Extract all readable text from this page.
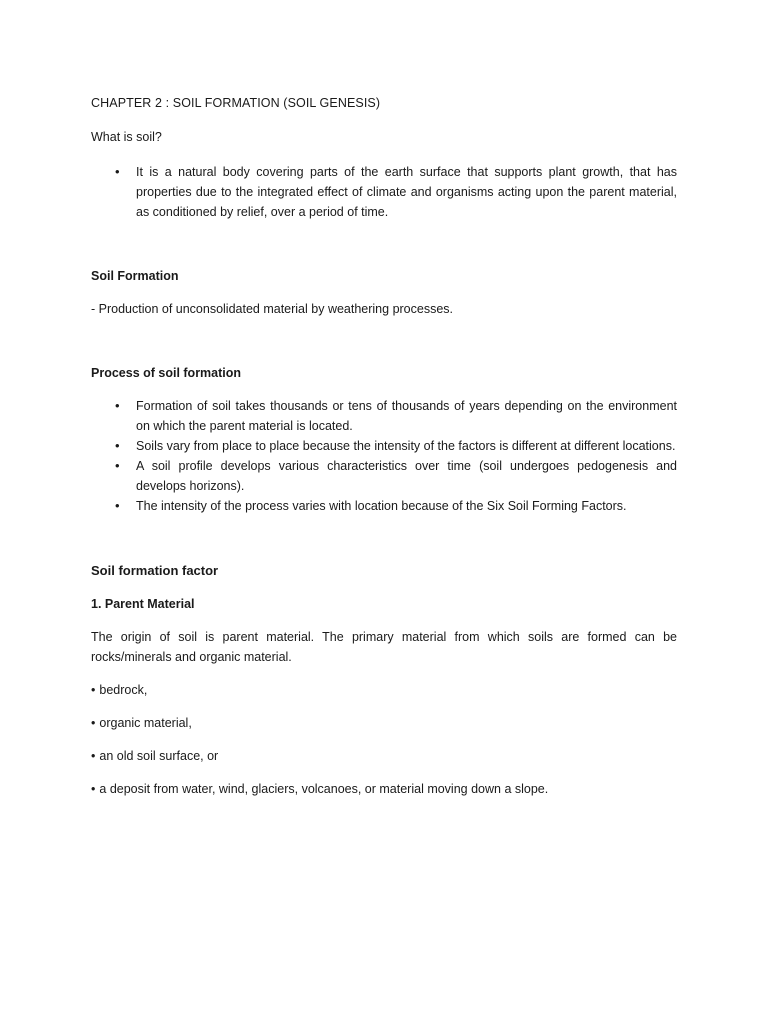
CHAPTER 2 : SOIL FORMATION (SOIL GENESIS)

What is soil?

• It is a natural body covering parts of the earth surface that supports plant growth, that has properties due to the integrated effect of climate and organisms acting upon the parent material, as conditioned by relief, over a period of time.

Soil Formation

- Production of unconsolidated material by weathering processes.

Process of soil formation

• Formation of soil takes thousands or tens of thousands of years depending on the environment on which the parent material is located.
• Soils vary from place to place because the intensity of the factors is different at different locations.
• A soil profile develops various characteristics over time (soil undergoes pedogenesis and develops horizons).
• The intensity of the process varies with location because of the Six Soil Forming Factors.

Soil formation factor

1. Parent Material

The origin of soil is parent material. The primary material from which soils are formed can be rocks/minerals and organic material.

• bedrock,

• organic material,

• an old soil surface, or

• a deposit from water, wind, glaciers, volcanoes, or material moving down a slope.
